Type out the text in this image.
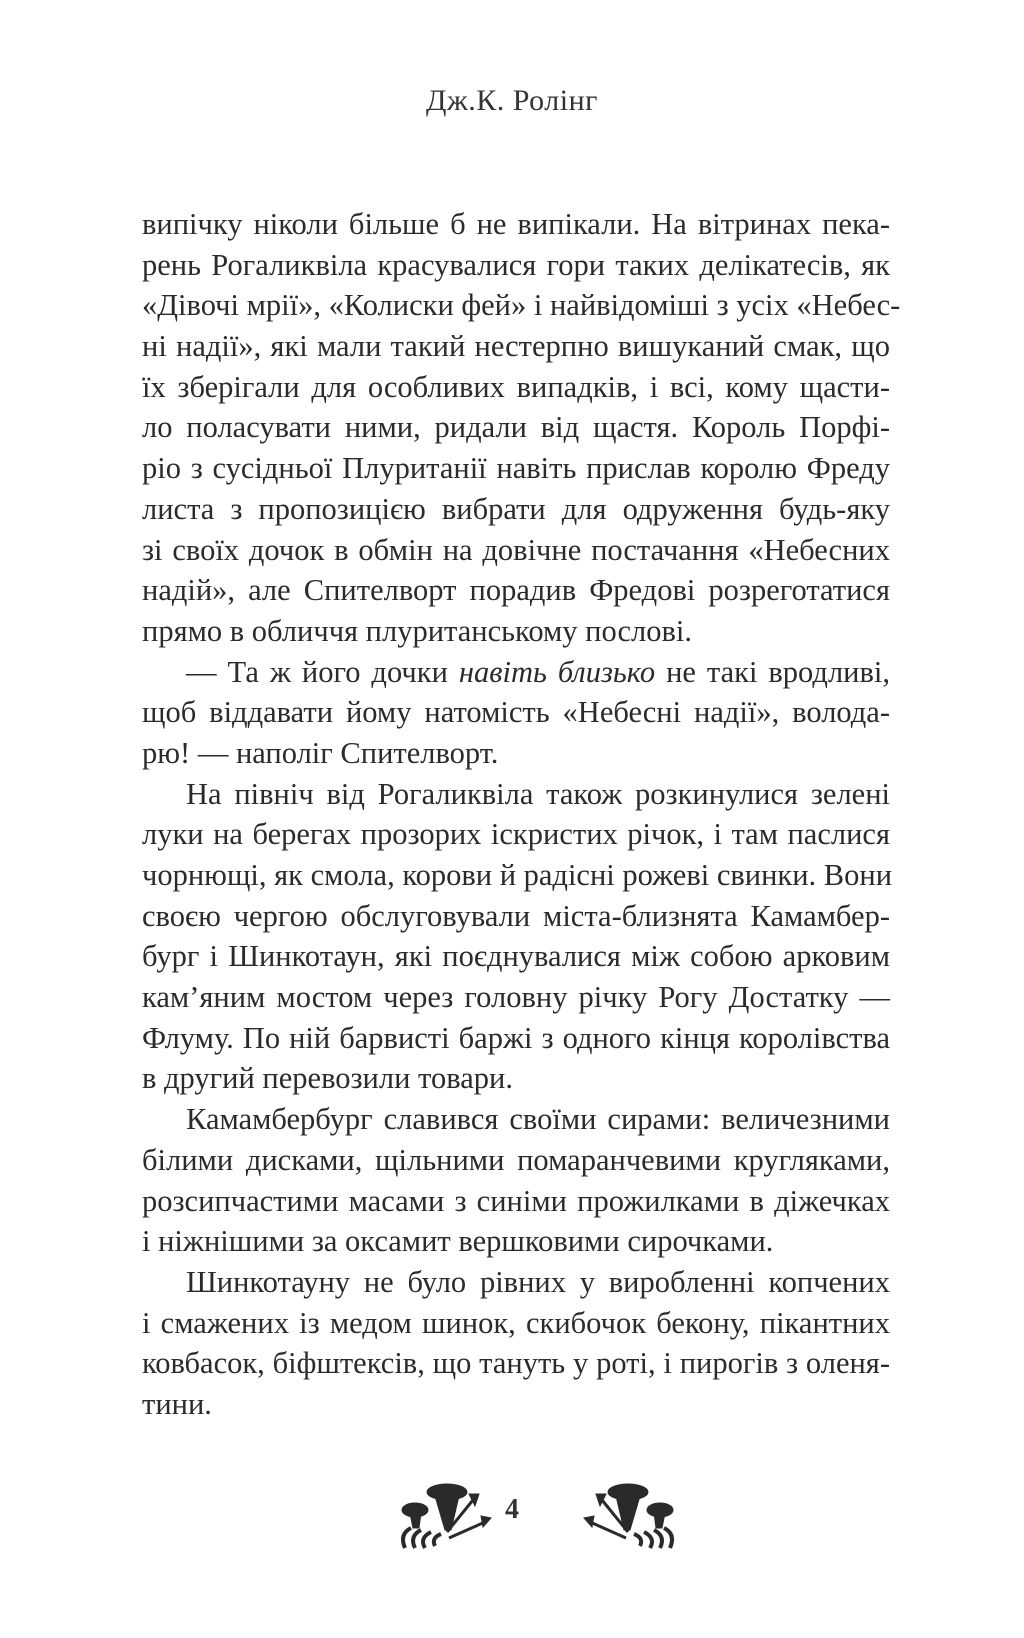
Дж.К. Ролінг
випічку ніколи більше б не випікали. На вітринах пека-
рень Рогаликвіла красувалися гори таких делікатесів, як
«Дівочі мрії», «Колиски фей» і найвідоміші з усіх «Небес-
ні надії», які мали такий нестерпно вишуканий смак, що
їх зберігали для особливих випадків, і всі, кому щасти-
ло поласувати ними, ридали від щастя. Король Порфі-
ріо з сусідньої Плуританії навіть прислав королю Фреду
листа з пропозицією вибрати для одруження будь-яку
зі своїх дочок в обмін на довічне постачання «Небесних
надій», але Спителворт порадив Фредові розреготатися
прямо в обличчя плуританському послові.
— Та ж його дочки навіть близько не такі вродливі,
щоб віддавати йому натомість «Небесні надії», волода-
рю! — наполіг Спителворт.
На північ від Рогаликвіла також розкинулися зелені
луки на берегах прозорих іскристих річок, і там паслися
чорнющі, як смола, корови й радісні рожеві свинки. Вони
своєю чергою обслуговували міста-близнята Камамбер-
бург і Шинкотаун, які поєднувалися між собою арковим
кам’яним мостом через головну річку Рогу Достатку —
Флуму. По ній барвисті баржі з одного кінця королівства
в другий перевозили товари.
Камамбербург славився своїми сирами: величезними
білими дисками, щільними помаранчевими кругляками,
розсипчастими масами з синіми прожилками в діжечках
і ніжнішими за оксамит вершковими сирочками.
Шинкотауну не було рівних у виробленні копчених
і смажених із медом шинок, скибочок бекону, пікантних
ковбасок, біфштексів, що тануть у роті, і пирогів з оленя-
тини.
4
